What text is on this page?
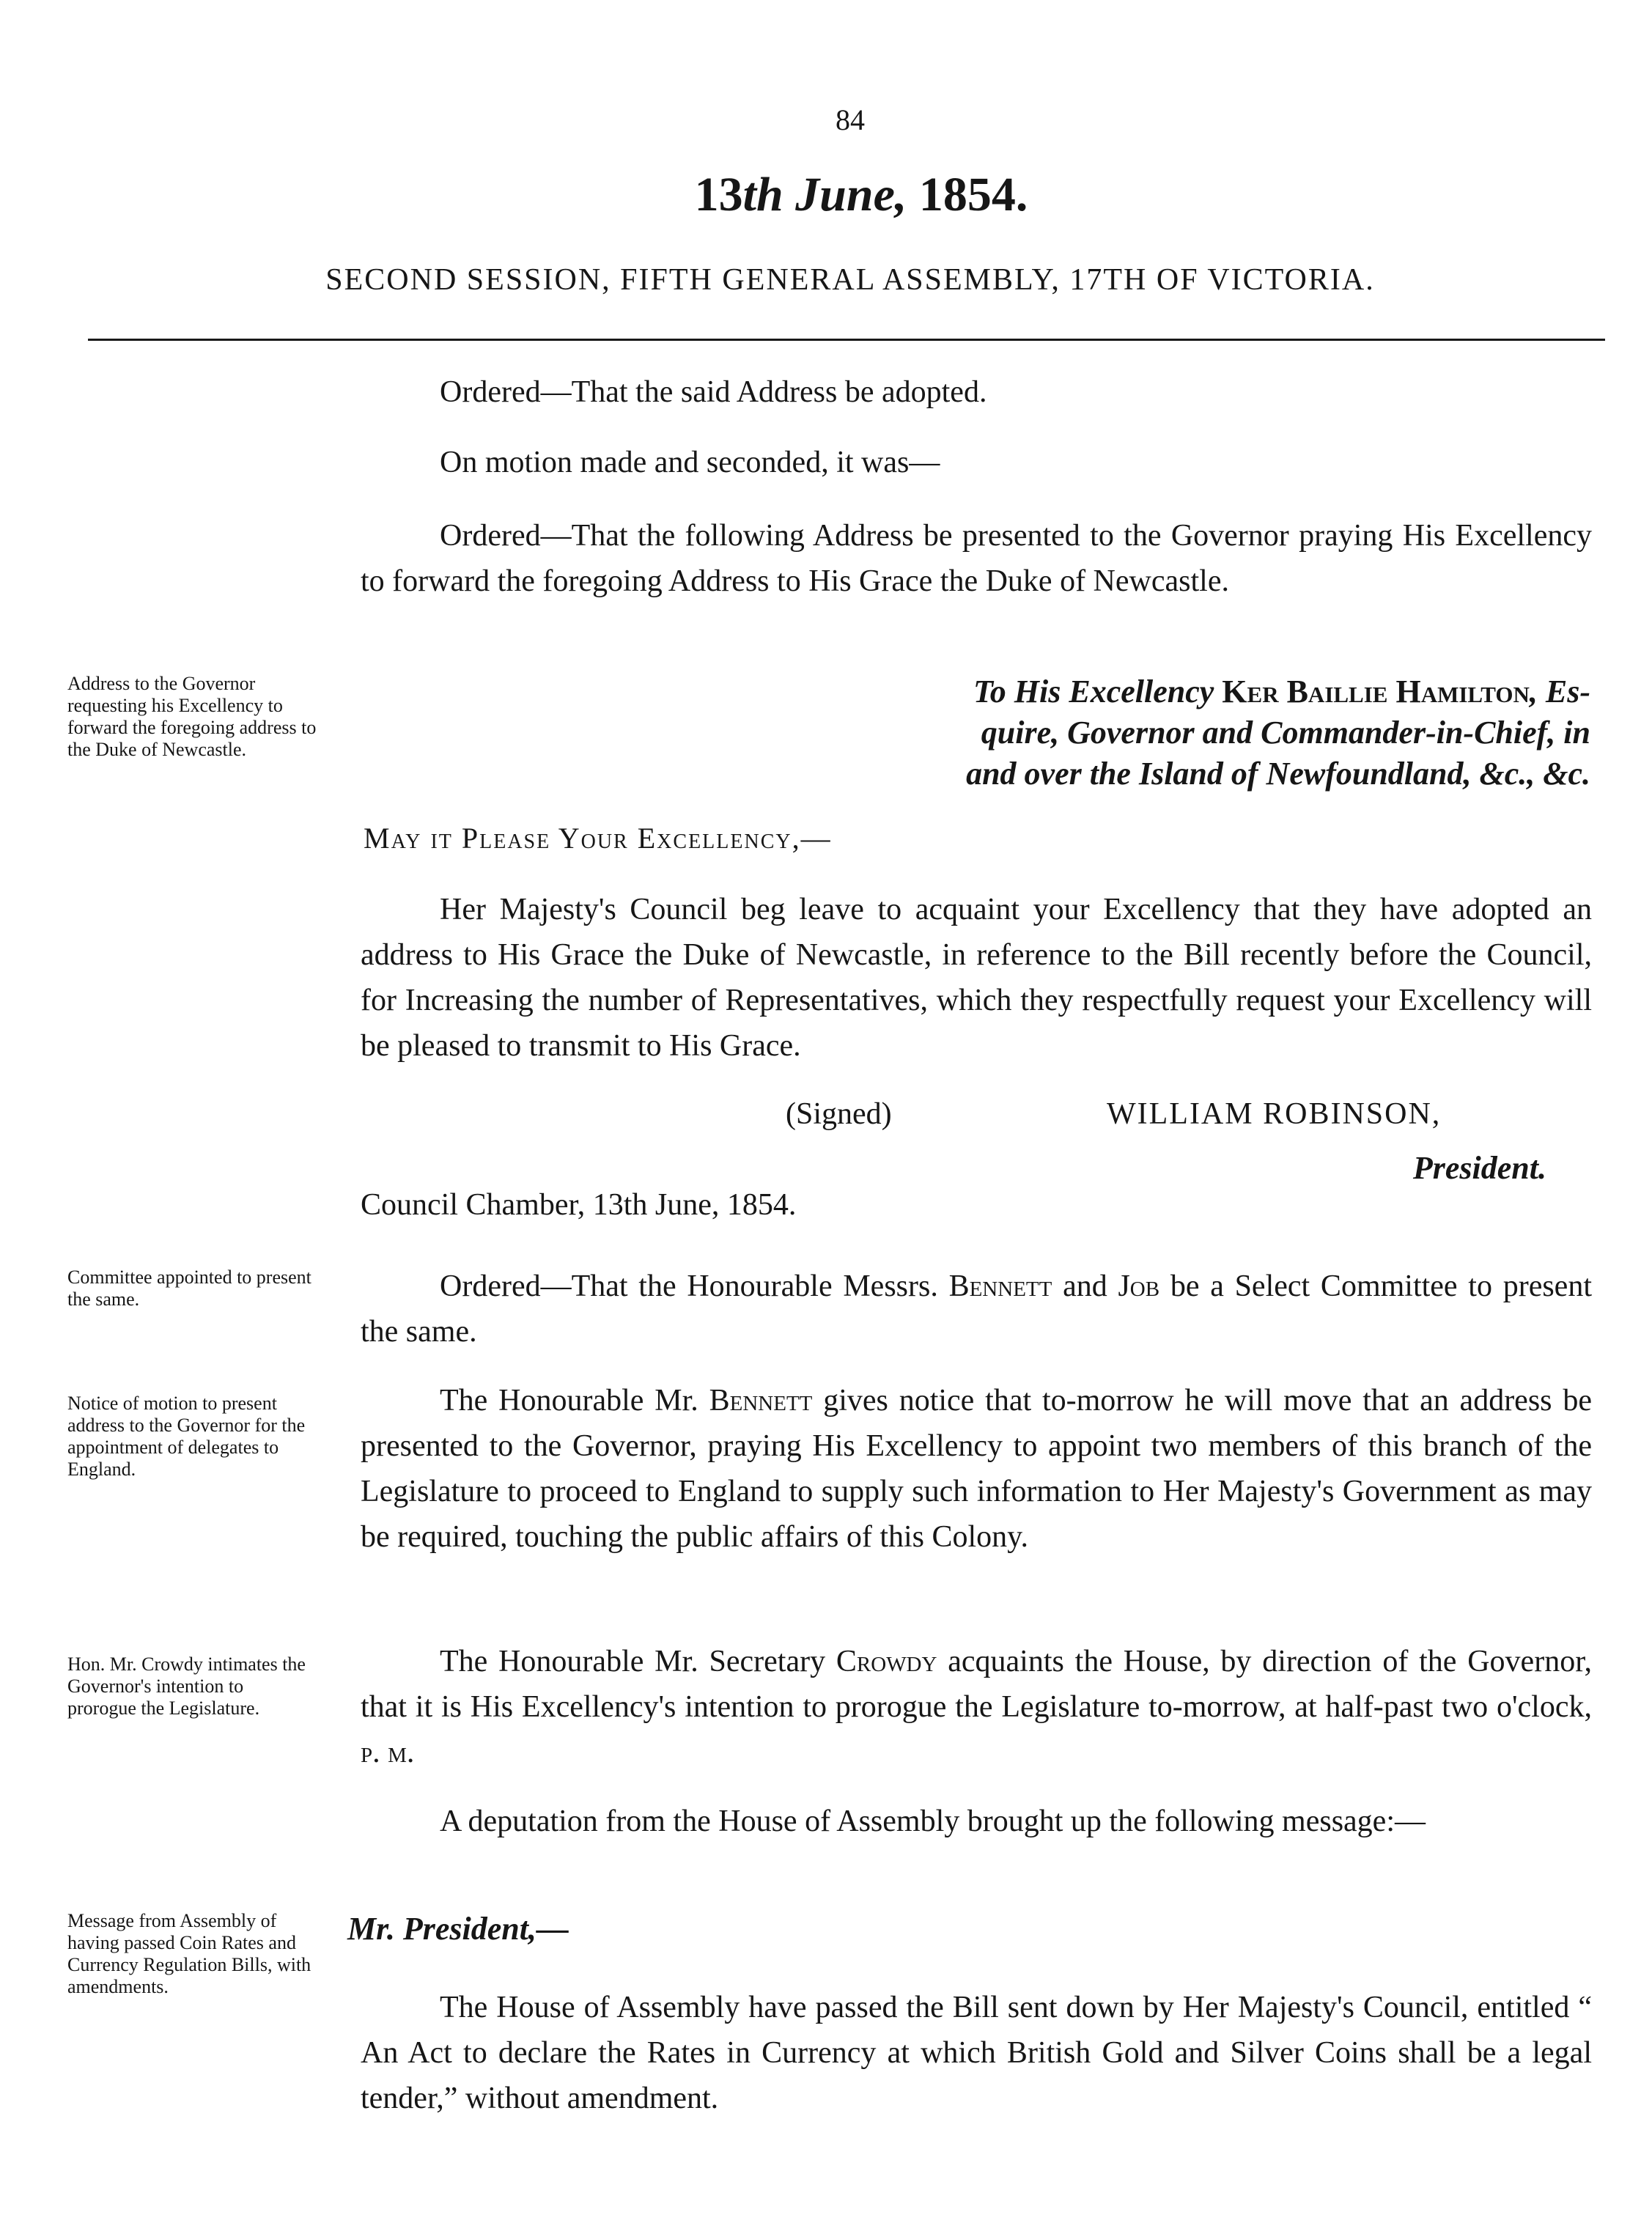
84
13th June, 1854.
SECOND SESSION, FIFTH GENERAL ASSEMBLY, 17TH OF VICTORIA.
Ordered—That the said Address be adopted.
On motion made and seconded, it was—
Ordered—That the following Address be presented to the Governor praying His Excellency to forward the foregoing Address to His Grace the Duke of Newcastle.
Address to the Governor requesting his Excellency to forward the foregoing address to the Duke of Newcastle.
To His Excellency Ker Baillie Hamilton, Es-
quire, Governor and Commander-in-Chief, in
and over the Island of Newfoundland, &c., &c.
May it Please Your Excellency,—
Her Majesty's Council beg leave to acquaint your Excellency that they have adopted an address to His Grace the Duke of Newcastle, in reference to the Bill recently before the Council, for Increasing the number of Representatives, which they respectfully request your Excellency will be pleased to transmit to His Grace.
(Signed)	WILLIAM ROBINSON,
President.
Council Chamber, 13th June, 1854.
Committee appointed to present the same.	Ordered—That the Honourable Messrs. Bennett and Job be a Select Committee to present the same.
Notice of motion to present address to the Governor for the appointment of delegates to England.
The Honourable Mr. Bennett gives notice that to-morrow he will move that an address be presented to the Governor, praying His Excellency to appoint two members of this branch of the Legislature to proceed to England to supply such information to Her Majesty's Government as may be required, touching the public affairs of this Colony.
Hon. Mr. Crowdy intimates the Governor's intention to prorogue the Legislature.
The Honourable Mr. Secretary Crowdy acquaints the House, by direction of the Governor, that it is His Excellency's intention to prorogue the Legislature to-morrow, at half-past two o'clock, p. m.
A deputation from the House of Assembly brought up the following message:—
Message from Assembly of having passed Coin Rates and Currency Regulation Bills, with amendments.
Mr. President,—
The House of Assembly have passed the Bill sent down by Her Majesty's Council, entitled “ An Act to declare the Rates in Currency at which British Gold and Silver Coins shall be a legal tender,” without amendment.
